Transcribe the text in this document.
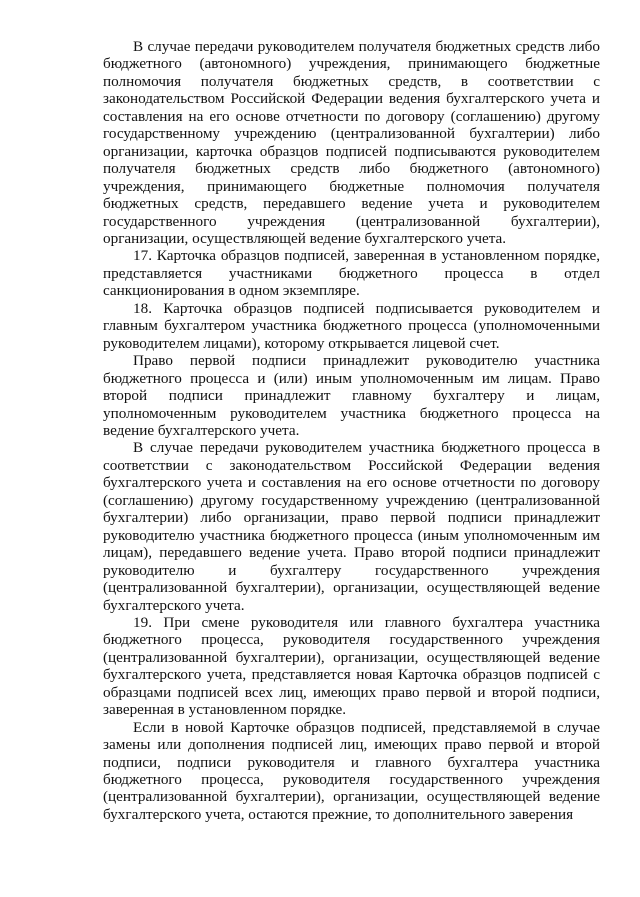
В случае передачи руководителем получателя бюджетных средств либо бюджетного (автономного) учреждения, принимающего бюджетные полномочия получателя бюджетных средств, в соответствии с законодательством Российской Федерации ведения бухгалтерского учета и составления на его основе отчетности по договору (соглашению) другому государственному учреждению (централизованной бухгалтерии) либо организации, карточка образцов подписей подписываются руководителем получателя бюджетных средств либо бюджетного (автономного) учреждения, принимающего бюджетные полномочия получателя бюджетных средств, передавшего ведение учета и руководителем государственного учреждения (централизованной бухгалтерии), организации, осуществляющей ведение бухгалтерского учета.

17. Карточка образцов подписей, заверенная в установленном порядке, представляется участниками бюджетного процесса в отдел санкционирования в одном экземпляре.

18. Карточка образцов подписей подписывается руководителем и главным бухгалтером участника бюджетного процесса (уполномоченными руководителем лицами), которому открывается лицевой счет.

Право первой подписи принадлежит руководителю участника бюджетного процесса и (или) иным уполномоченным им лицам. Право второй подписи принадлежит главному бухгалтеру и лицам, уполномоченным руководителем участника бюджетного процесса на ведение бухгалтерского учета.

В случае передачи руководителем участника бюджетного процесса в соответствии с законодательством Российской Федерации ведения бухгалтерского учета и составления на его основе отчетности по договору (соглашению) другому государственному учреждению (централизованной бухгалтерии) либо организации, право первой подписи принадлежит руководителю участника бюджетного процесса (иным уполномоченным им лицам), передавшего ведение учета. Право второй подписи принадлежит руководителю и бухгалтеру государственного учреждения (централизованной бухгалтерии), организации, осуществляющей ведение бухгалтерского учета.

19. При смене руководителя или главного бухгалтера участника бюджетного процесса, руководителя государственного учреждения (централизованной бухгалтерии), организации, осуществляющей ведение бухгалтерского учета, представляется новая Карточка образцов подписей с образцами подписей всех лиц, имеющих право первой и второй подписи, заверенная в установленном порядке.

Если в новой Карточке образцов подписей, представляемой в случае замены или дополнения подписей лиц, имеющих право первой и второй подписи, подписи руководителя и главного бухгалтера участника бюджетного процесса, руководителя государственного учреждения (централизованной бухгалтерии), организации, осуществляющей ведение бухгалтерского учета, остаются прежние, то дополнительного заверения
